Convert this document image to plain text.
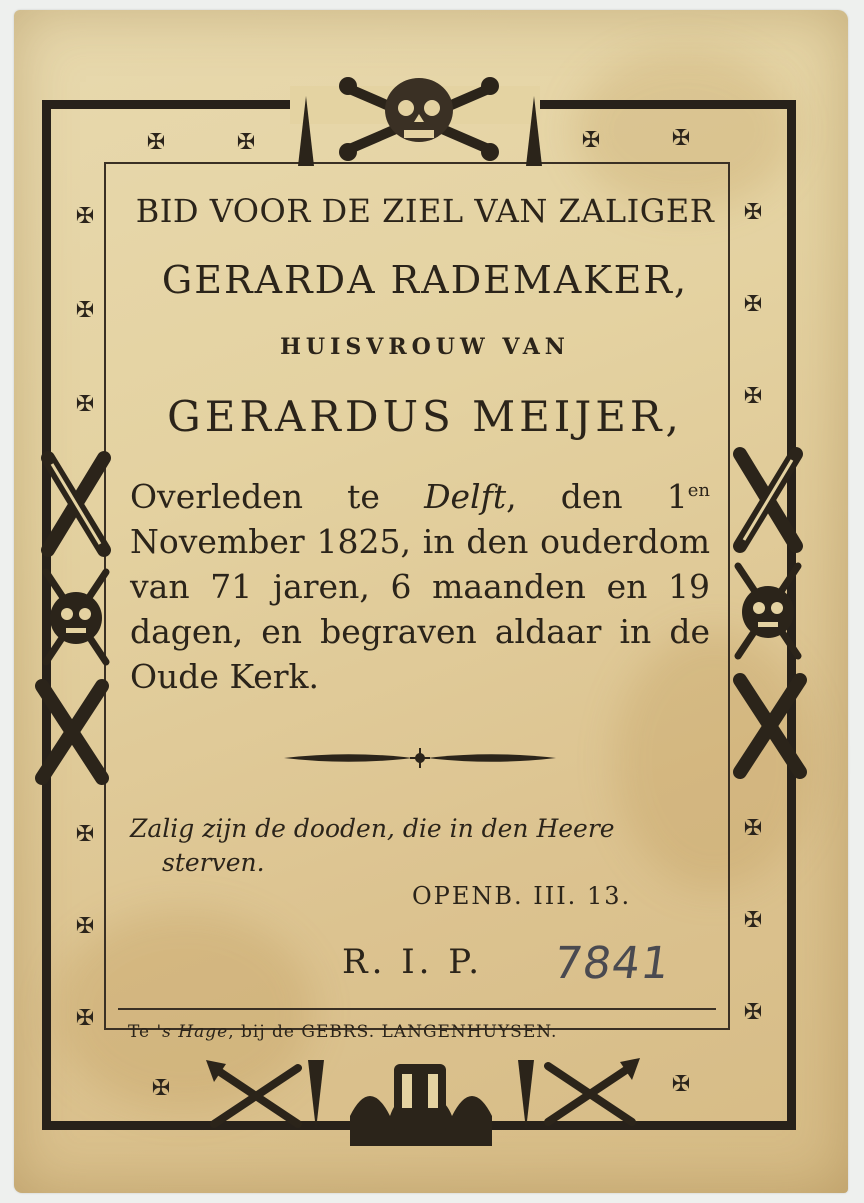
✠	✠	✠	✠
✠
✠
✠
✠
✠
✠
✠
✠
✠
✠
✠
✠
✠	✠
BID VOOR DE ZIEL VAN ZALIGER
GERARDA RADEMAKER,
HUISVROUW VAN
GERARDUS MEIJER,
Overleden te Delft, den $1^{en}$ November 1825, in den ouderdom van 71 jaren, 6 maanden en 19 dagen, en begraven aldaar in de Oude Kerk.
Zalig zijn de dooden, die in den Heere
sterven.
OPENB. III. 13.
R. I. P. 7841
Te 's Hage, bij de GEBRS. LANGENHUYSEN.
